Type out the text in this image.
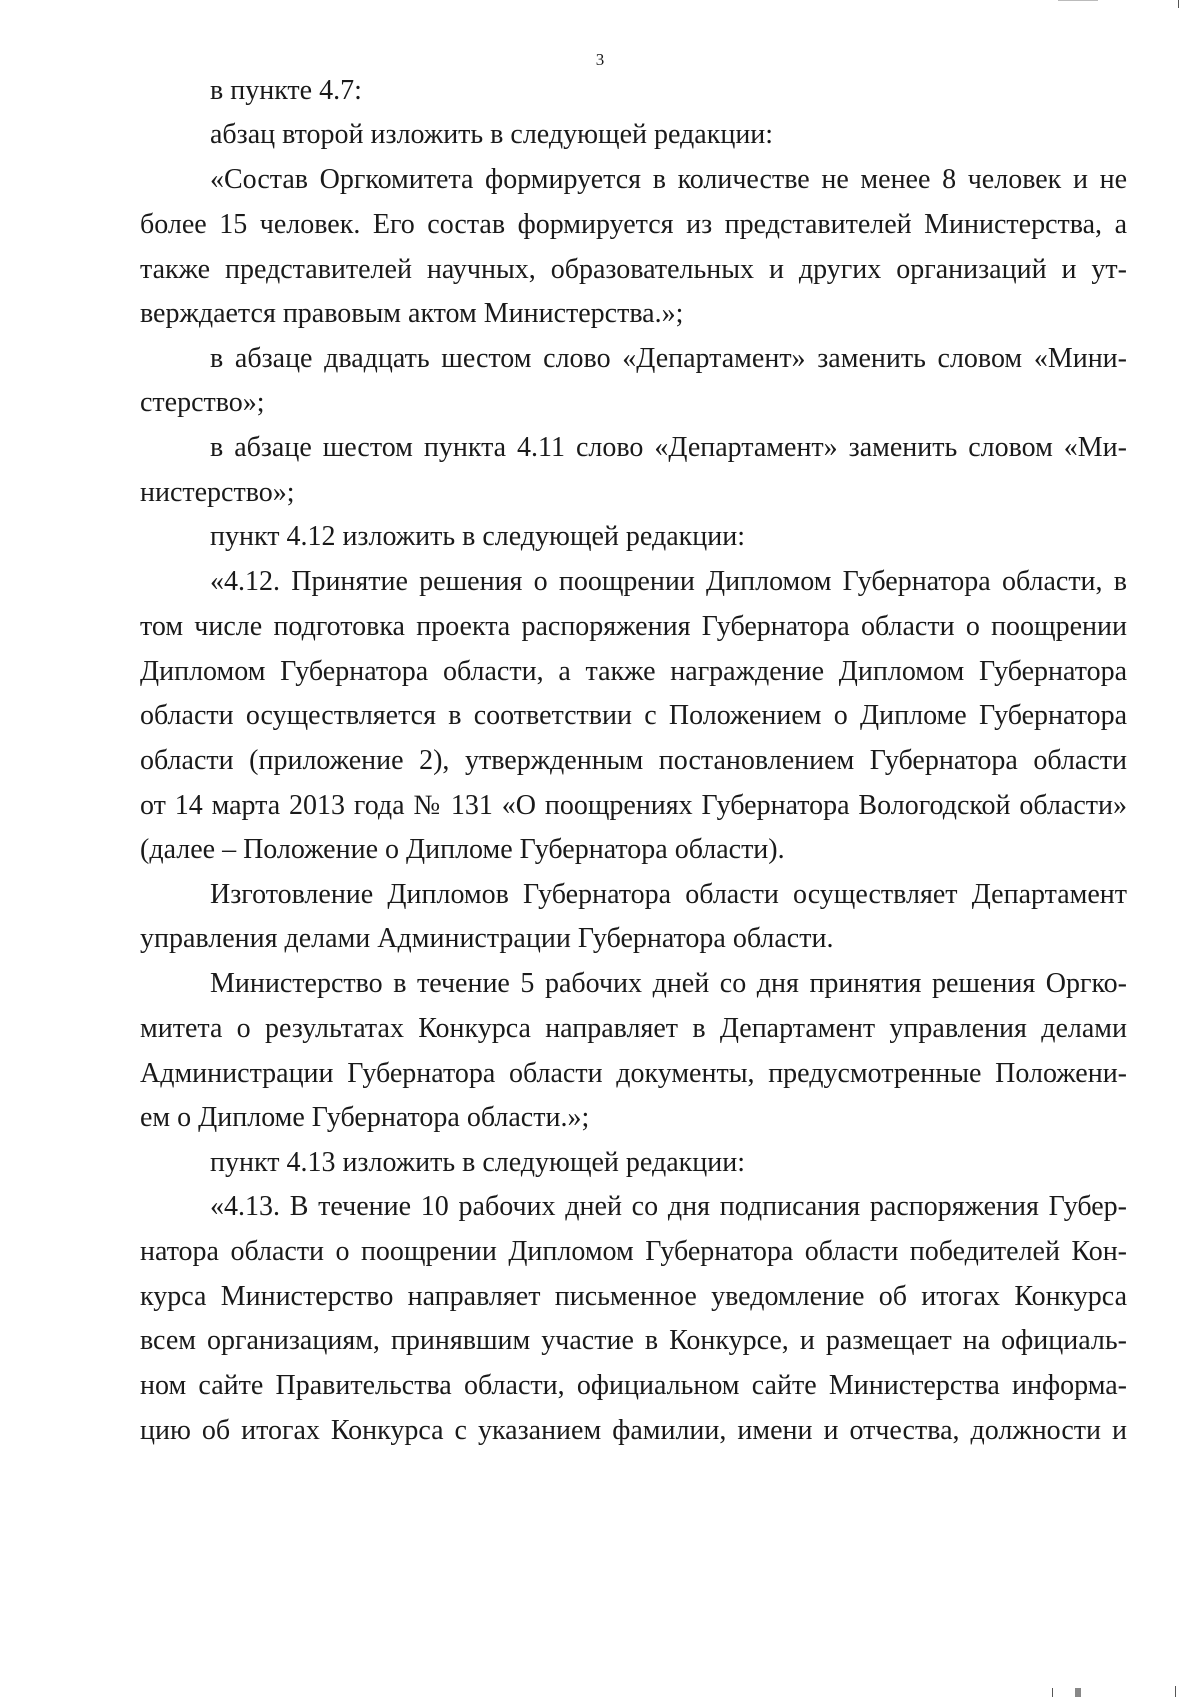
3
в пункте 4.7:
абзац второй изложить в следующей редакции:
«Состав Оргкомитета формируется в количестве не менее 8 человек и не
более 15 человек. Его состав формируется из представителей Министерства, а
также представителей научных, образовательных и других организаций и ут-
верждается правовым актом Министерства.»;
в абзаце двадцать шестом слово «Департамент» заменить словом «Мини-
стерство»;
в абзаце шестом пункта 4.11 слово «Департамент» заменить словом «Ми-
нистерство»;
пункт 4.12 изложить в следующей редакции:
«4.12. Принятие решения о поощрении Дипломом Губернатора области, в
том числе подготовка проекта распоряжения Губернатора области о поощрении
Дипломом Губернатора области, а также награждение Дипломом Губернатора
области осуществляется в соответствии с Положением о Дипломе Губернатора
области (приложение 2), утвержденным постановлением Губернатора области
от 14 марта 2013 года № 131 «О поощрениях Губернатора Вологодской области»
(далее – Положение о Дипломе Губернатора области).
Изготовление Дипломов Губернатора области осуществляет Департамент
управления делами Администрации Губернатора области.
Министерство в течение 5 рабочих дней со дня принятия решения Оргко-
митета о результатах Конкурса направляет в Департамент управления делами
Администрации Губернатора области документы, предусмотренные Положени-
ем о Дипломе Губернатора области.»;
пункт 4.13 изложить в следующей редакции:
«4.13. В течение 10 рабочих дней со дня подписания распоряжения Губер-
натора области о поощрении Дипломом Губернатора области победителей Кон-
курса Министерство направляет письменное уведомление об итогах Конкурса
всем организациям, принявшим участие в Конкурсе, и размещает на официаль-
ном сайте Правительства области, официальном сайте Министерства информа-
цию об итогах Конкурса с указанием фамилии, имени и отчества, должности и
